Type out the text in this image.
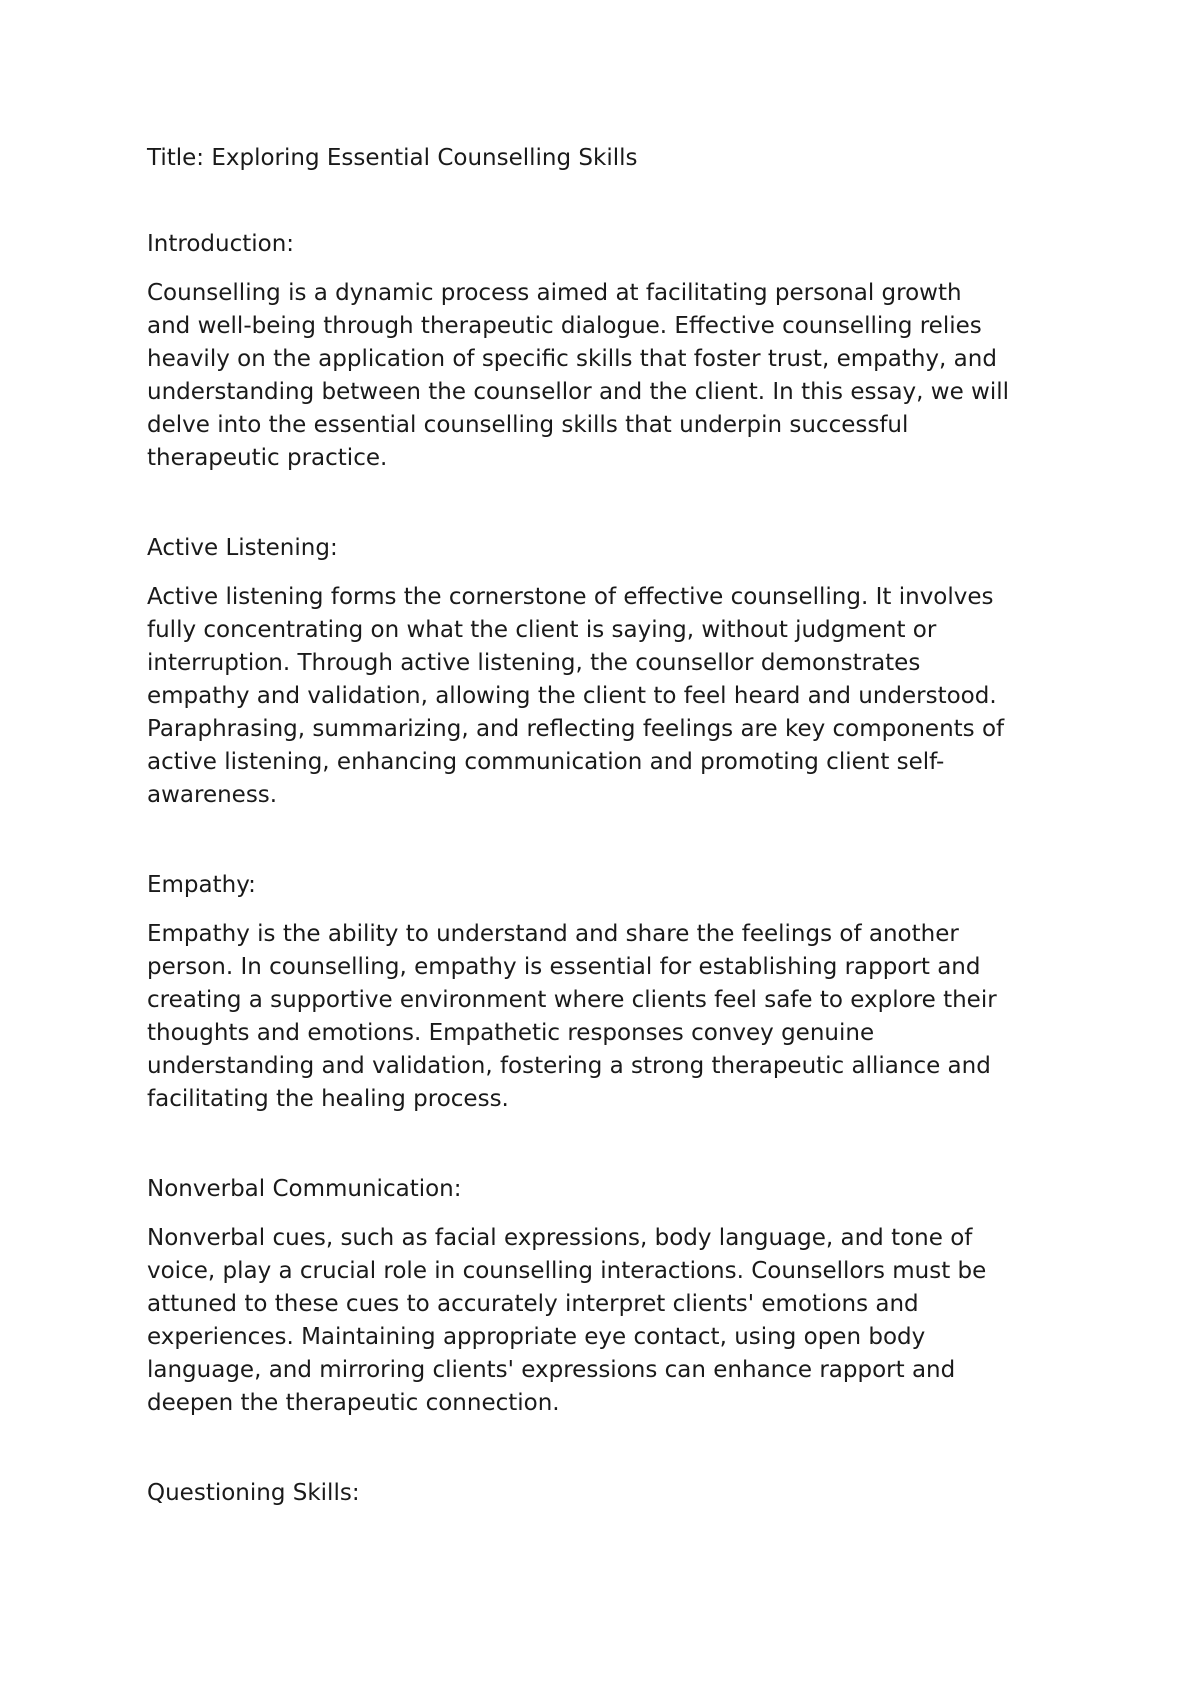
Title: Exploring Essential Counselling Skills
Introduction:

Counselling is a dynamic process aimed at facilitating personal growth
and well-being through therapeutic dialogue. Effective counselling relies
heavily on the application of specific skills that foster trust, empathy, and
understanding between the counsellor and the client. In this essay, we will
delve into the essential counselling skills that underpin successful
therapeutic practice.

Active Listening:

Active listening forms the cornerstone of effective counselling. It involves
fully concentrating on what the client is saying, without judgment or
interruption. Through active listening, the counsellor demonstrates
empathy and validation, allowing the client to feel heard and understood.
Paraphrasing, summarizing, and reflecting feelings are key components of
active listening, enhancing communication and promoting client self-
awareness.

Empathy:

Empathy is the ability to understand and share the feelings of another
person. In counselling, empathy is essential for establishing rapport and
creating a supportive environment where clients feel safe to explore their
thoughts and emotions. Empathetic responses convey genuine
understanding and validation, fostering a strong therapeutic alliance and
facilitating the healing process.

Nonverbal Communication:

Nonverbal cues, such as facial expressions, body language, and tone of
voice, play a crucial role in counselling interactions. Counsellors must be
attuned to these cues to accurately interpret clients' emotions and
experiences. Maintaining appropriate eye contact, using open body
language, and mirroring clients' expressions can enhance rapport and
deepen the therapeutic connection.

Questioning Skills:
